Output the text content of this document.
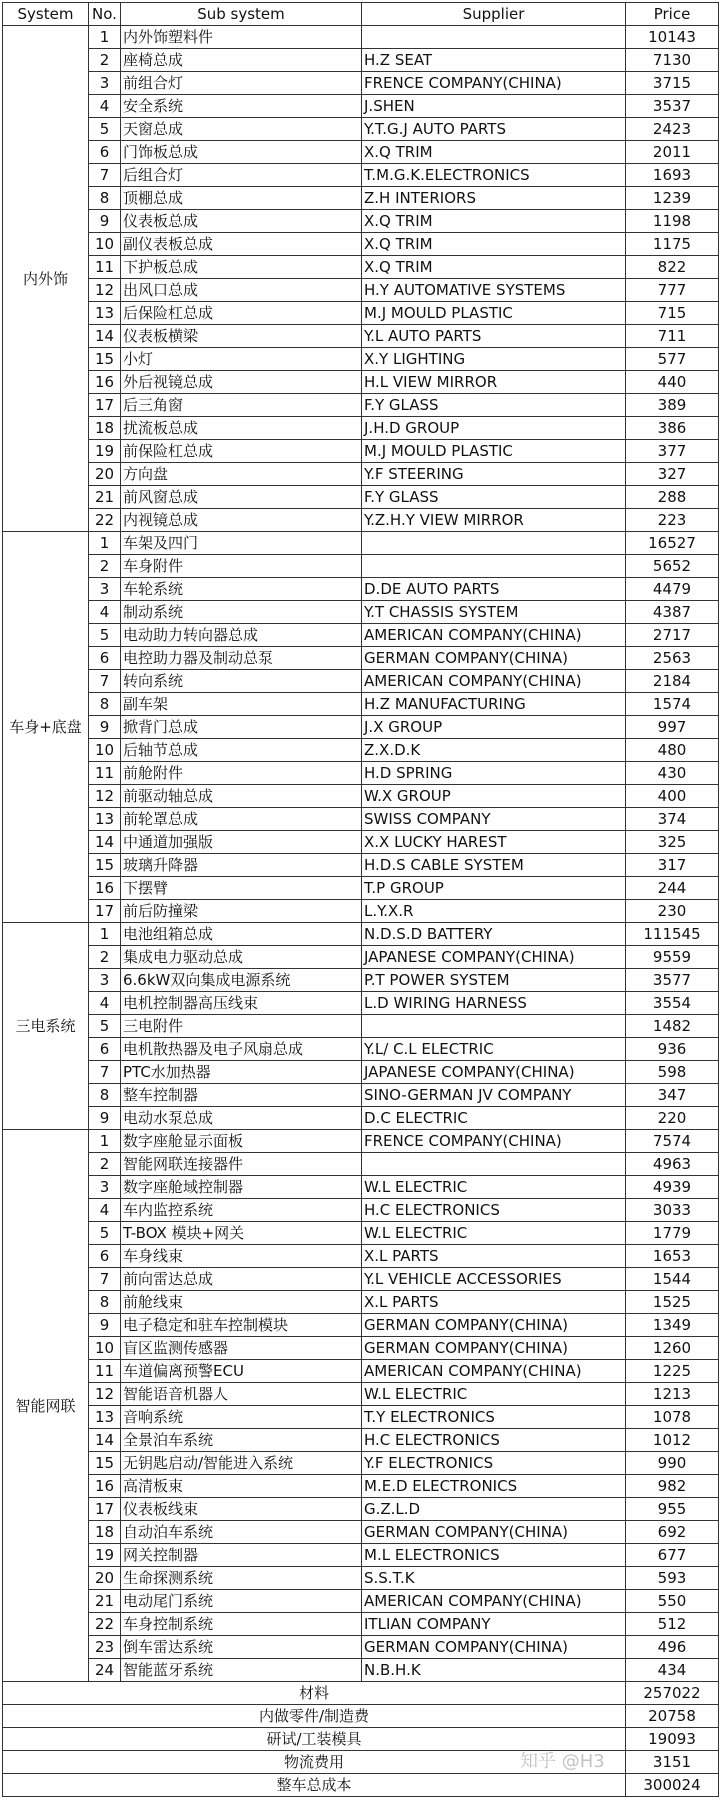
System	No.	Sub system	Supplier	Price
内外饰	1	内外饰塑料件		10143
	2	座椅总成	H.Z SEAT	7130
	3	前组合灯	FRENCE COMPANY(CHINA)	3715
	4	安全系统	J.SHEN	3537
	5	天窗总成	Y.T.G.J AUTO PARTS	2423
	6	门饰板总成	X.Q TRIM	2011
	7	后组合灯	T.M.G.K.ELECTRONICS	1693
	8	顶棚总成	Z.H INTERIORS	1239
	9	仪表板总成	X.Q TRIM	1198
	10	副仪表板总成	X.Q TRIM	1175
	11	下护板总成	X.Q TRIM	822
	12	出风口总成	H.Y AUTOMATIVE SYSTEMS	777
	13	后保险杠总成	M.J MOULD PLASTIC	715
	14	仪表板横梁	Y.L AUTO PARTS	711
	15	小灯	X.Y LIGHTING	577
	16	外后视镜总成	H.L VIEW MIRROR	440
	17	后三角窗	F.Y GLASS	389
	18	扰流板总成	J.H.D GROUP	386
	19	前保险杠总成	M.J MOULD PLASTIC	377
	20	方向盘	Y.F STEERING	327
	21	前风窗总成	F.Y GLASS	288
	22	内视镜总成	Y.Z.H.Y VIEW MIRROR	223
车身+底盘	1	车架及四门		16527
	2	车身附件		5652
	3	车轮系统	D.DE AUTO PARTS	4479
	4	制动系统	Y.T CHASSIS SYSTEM	4387
	5	电动助力转向器总成	AMERICAN COMPANY(CHINA)	2717
	6	电控助力器及制动总泵	GERMAN COMPANY(CHINA)	2563
	7	转向系统	AMERICAN COMPANY(CHINA)	2184
	8	副车架	H.Z MANUFACTURING	1574
	9	掀背门总成	J.X GROUP	997
	10	后轴节总成	Z.X.D.K	480
	11	前舱附件	H.D SPRING	430
	12	前驱动轴总成	W.X GROUP	400
	13	前轮罩总成	SWISS COMPANY	374
	14	中通道加强版	X.X LUCKY HAREST	325
	15	玻璃升降器	H.D.S CABLE SYSTEM	317
	16	下摆臂	T.P GROUP	244
	17	前后防撞梁	L.Y.X.R	230
三电系统	1	电池组箱总成	N.D.S.D BATTERY	111545
	2	集成电力驱动总成	JAPANESE COMPANY(CHINA)	9559
	3	6.6kW双向集成电源系统	P.T POWER SYSTEM	3577
	4	电机控制器高压线束	L.D WIRING HARNESS	3554
	5	三电附件		1482
	6	电机散热器及电子风扇总成	Y.L/ C.L ELECTRIC	936
	7	PTC水加热器	JAPANESE COMPANY(CHINA)	598
	8	整车控制器	SINO-GERMAN JV COMPANY	347
	9	电动水泵总成	D.C ELECTRIC	220
智能网联	1	数字座舱显示面板	FRENCE COMPANY(CHINA)	7574
	2	智能网联连接器件		4963
	3	数字座舱域控制器	W.L ELECTRIC	4939
	4	车内监控系统	H.C ELECTRONICS	3033
	5	T-BOX 模块+网关	W.L ELECTRIC	1779
	6	车身线束	X.L PARTS	1653
	7	前向雷达总成	Y.L VEHICLE ACCESSORIES	1544
	8	前舱线束	X.L PARTS	1525
	9	电子稳定和驻车控制模块	GERMAN COMPANY(CHINA)	1349
	10	盲区监测传感器	GERMAN COMPANY(CHINA)	1260
	11	车道偏离预警ECU	AMERICAN COMPANY(CHINA)	1225
	12	智能语音机器人	W.L ELECTRIC	1213
	13	音响系统	T.Y ELECTRONICS	1078
	14	全景泊车系统	H.C ELECTRONICS	1012
	15	无钥匙启动/智能进入系统	Y.F ELECTRONICS	990
	16	高清板束	M.E.D ELECTRONICS	982
	17	仪表板线束	G.Z.L.D	955
	18	自动泊车系统	GERMAN COMPANY(CHINA)	692
	19	网关控制器	M.L ELECTRONICS	677
	20	生命探测系统	S.S.T.K	593
	21	电动尾门系统	AMERICAN COMPANY(CHINA)	550
	22	车身控制系统	ITLIAN COMPANY	512
	23	倒车雷达系统	GERMAN COMPANY(CHINA)	496
	24	智能蓝牙系统	N.B.H.K	434
材料				257022
内做零件/制造费				20758
研试/工装模具				19093
物流费用				3151
整车总成本				300024
知乎 @H3
